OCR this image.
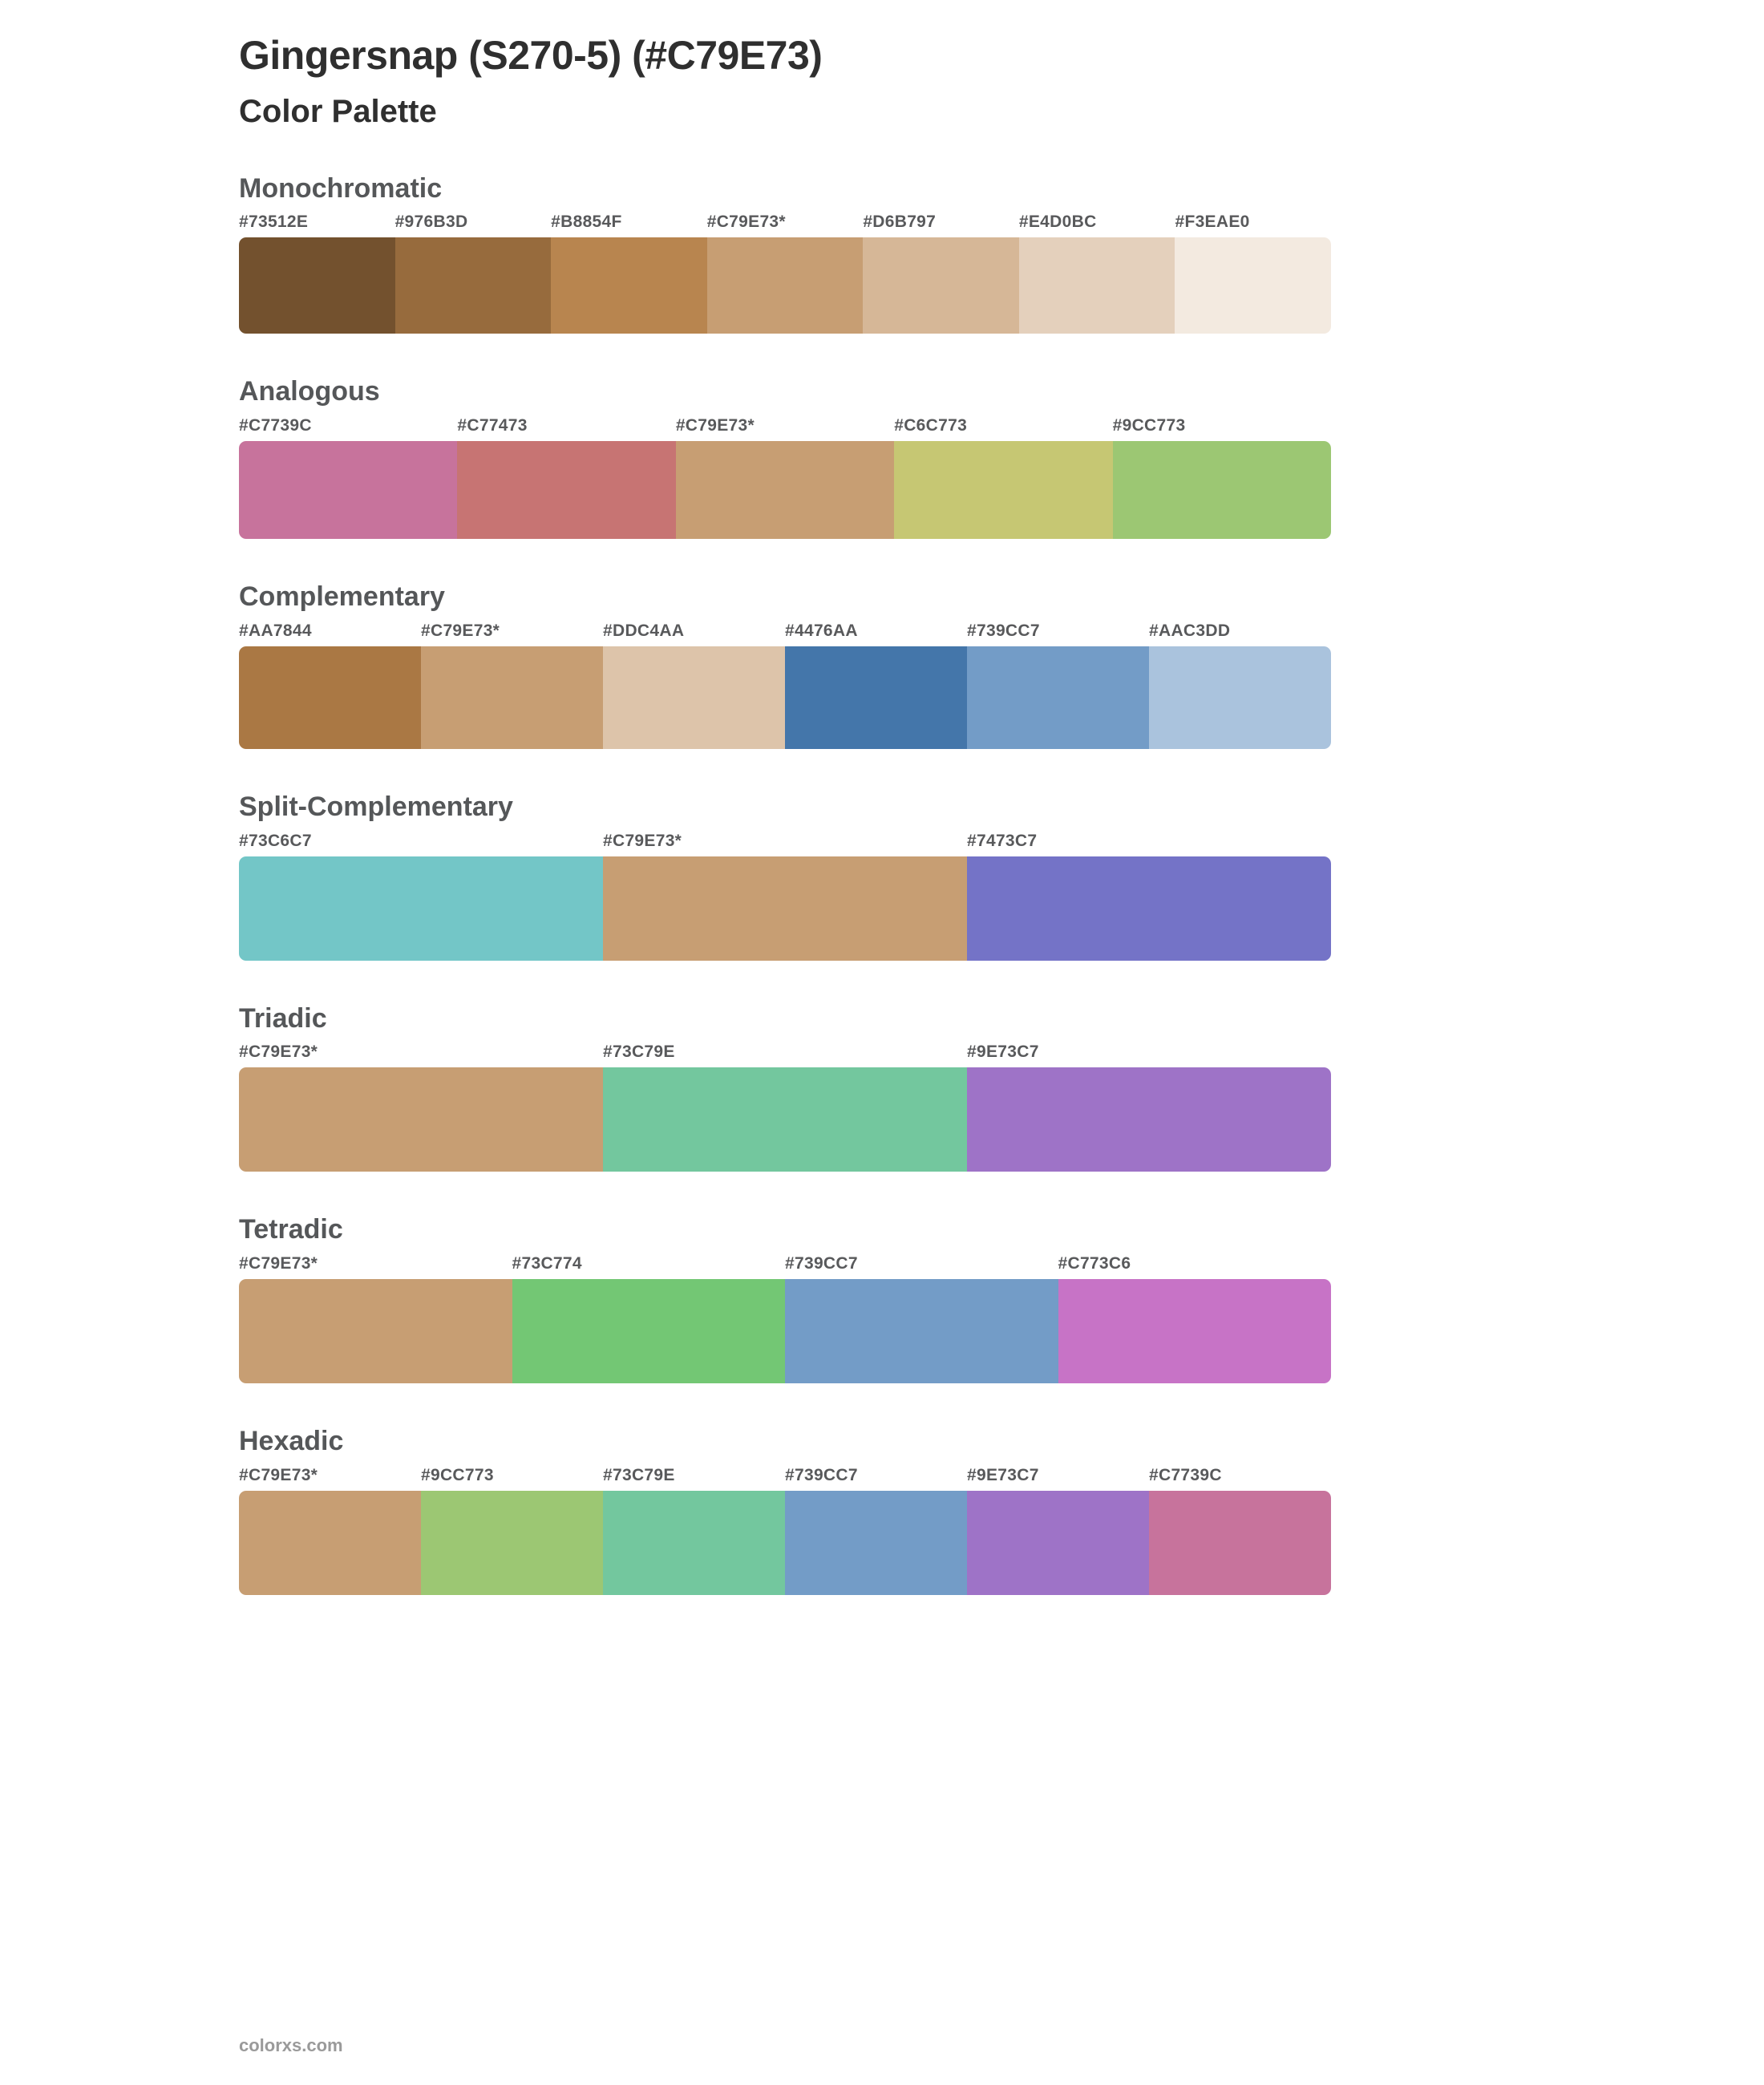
Gingersnap (S270-5) (#C79E73)
Color Palette
Monochromatic
#73512E	#976B3D	#B8854F	#C79E73*	#D6B797	#E4D0BC	#F3EAE0
Analogous
#C7739C	#C77473	#C79E73*	#C6C773	#9CC773
Complementary
#AA7844	#C79E73*	#DDC4AA	#4476AA	#739CC7	#AAC3DD
Split-Complementary
#73C6C7	#C79E73*	#7473C7
Triadic
#C79E73*	#73C79E	#9E73C7
Tetradic
#C79E73*	#73C774	#739CC7	#C773C6
Hexadic
#C79E73*	#9CC773	#73C79E	#739CC7	#9E73C7	#C7739C
colorxs.com
